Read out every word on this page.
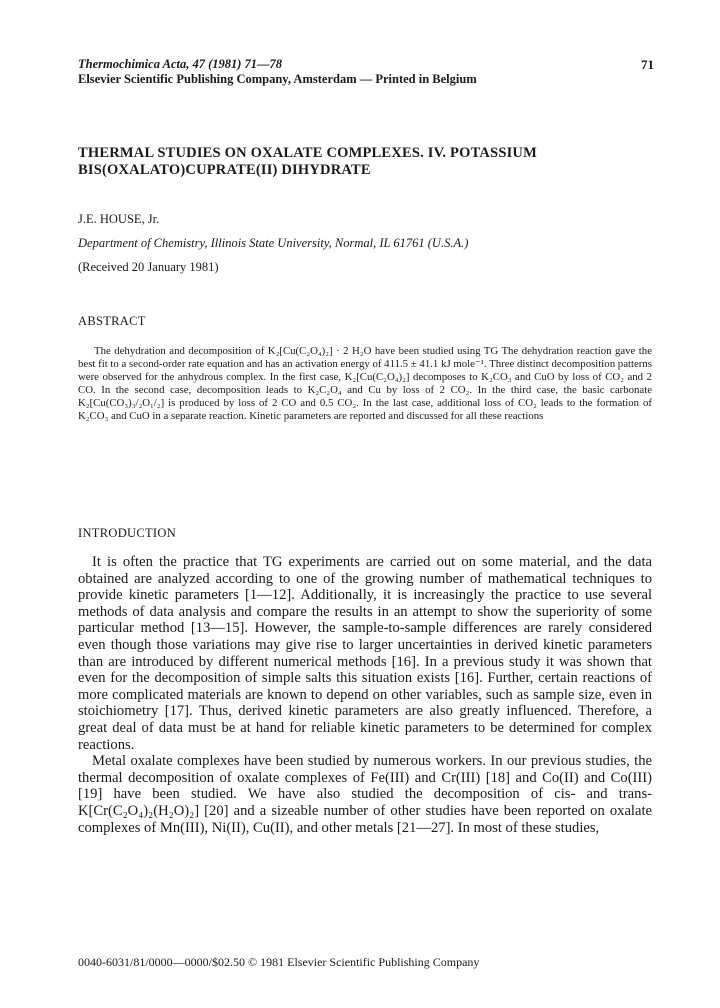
Thermochimica Acta, 47 (1981) 71—78
Elsevier Scientific Publishing Company, Amsterdam — Printed in Belgium
71
THERMAL STUDIES ON OXALATE COMPLEXES. IV. POTASSIUM BIS(OXALATO)CUPRATE(II) DIHYDRATE
J.E. HOUSE, Jr.
Department of Chemistry, Illinois State University, Normal, IL 61761 (U.S.A.)
(Received 20 January 1981)
ABSTRACT

The dehydration and decomposition of K₂[Cu(C₂O₄)₂] · 2 H₂O have been studied using TG The dehydration reaction gave the best fit to a second-order rate equation and has an activation energy of 411.5 ± 41.1 kJ mole⁻¹. Three distinct decomposition patterns were observed for the anhydrous complex. In the first case, K₂[Cu(C₂O₄)₂] decomposes to K₂CO₃ and CuO by loss of CO₂ and 2 CO. In the second case, decomposition leads to K₂C₂O₄ and Cu by loss of 2 CO₂. In the third case, the basic carbonate K₂[Cu(CO₃)₃/₂O₁/₂] is produced by loss of 2 CO and 0.5 CO₂. In the last case, additional loss of CO₂ leads to the formation of K₂CO₃ and CuO in a separate reaction. Kinetic parameters are reported and discussed for all these reactions

INTRODUCTION

It is often the practice that TG experiments are carried out on some material, and the data obtained are analyzed according to one of the growing number of mathematical techniques to provide kinetic parameters [1—12]. Additionally, it is increasingly the practice to use several methods of data analysis and compare the results in an attempt to show the superiority of some particular method [13—15]. However, the sample-to-sample differences are rarely considered even though those variations may give rise to larger uncertainties in derived kinetic parameters than are introduced by different numerical methods [16]. In a previous study it was shown that even for the decomposition of simple salts this situation exists [16]. Further, certain reactions of more complicated materials are known to depend on other variables, such as sample size, even in stoichiometry [17]. Thus, derived kinetic parameters are also greatly influenced. Therefore, a great deal of data must be at hand for reliable kinetic parameters to be determined for complex reactions.

Metal oxalate complexes have been studied by numerous workers. In our previous studies, the thermal decomposition of oxalate complexes of Fe(III) and Cr(III) [18] and Co(II) and Co(III) [19] have been studied. We have also studied the decomposition of cis- and trans-K[Cr(C₂O₄)₂(H₂O)₂] [20] and a sizeable number of other studies have been reported on oxalate complexes of Mn(III), Ni(II), Cu(II), and other metals [21—27]. In most of these studies,

0040-6031/81/0000—0000/$02.50 © 1981 Elsevier Scientific Publishing Company
